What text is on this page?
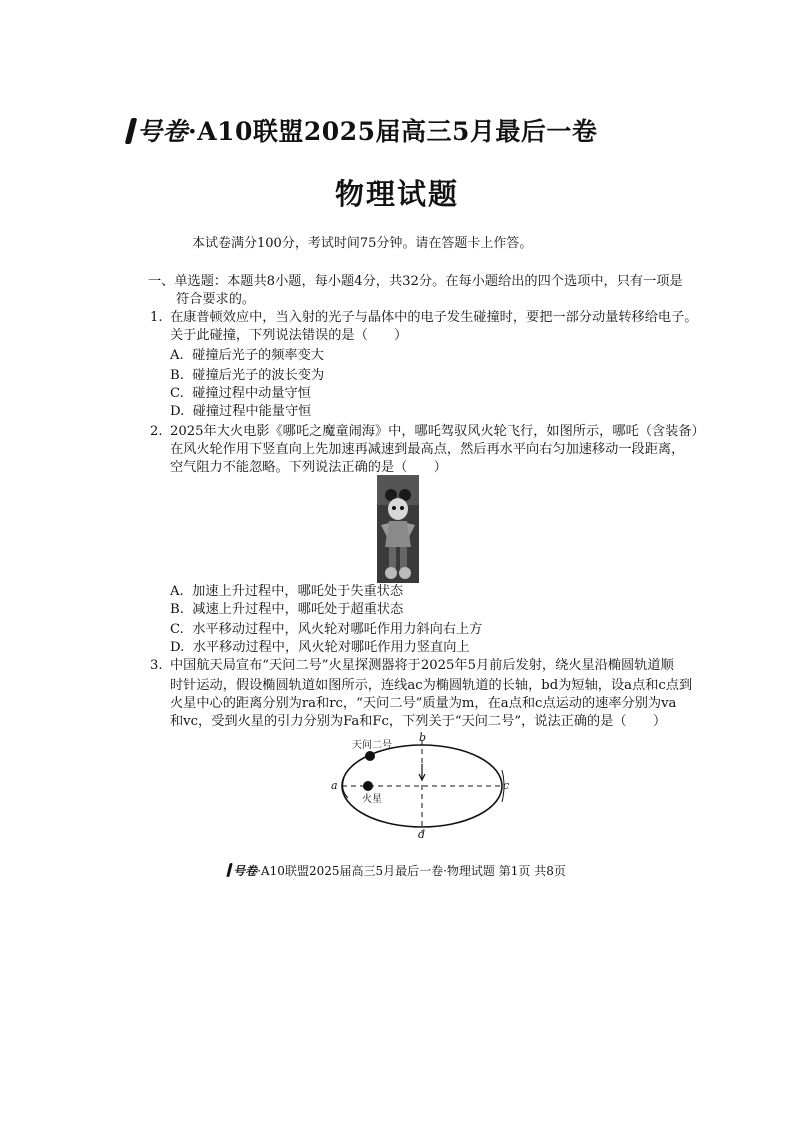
号卷·A10联盟2025届高三5月最后一卷
物理试题
本试卷满分100分，考试时间75分钟。请在答题卡上作答。
一、单选题：本题共8小题，每小题4分，共32分。在每小题给出的四个选项中，只有一项是
符合要求的。
1. 在康普顿效应中，当入射的光子与晶体中的电子发生碰撞时，要把一部分动量转移给电子。
关于此碰撞，下列说法错误的是（　　）
A. 碰撞后光子的频率变大
B. 碰撞后光子的波长变为
C. 碰撞过程中动量守恒
D. 碰撞过程中能量守恒
2. 2025年大火电影《哪吒之魔童闹海》中，哪吒驾驭风火轮飞行，如图所示，哪吒（含装备）
在风火轮作用下竖直向上先加速再减速到最高点，然后再水平向右匀加速移动一段距离，
空气阻力不能忽略。下列说法正确的是（　　）
A. 加速上升过程中，哪吒处于失重状态
B. 减速上升过程中，哪吒处于超重状态
C. 水平移动过程中，风火轮对哪吒作用力斜向右上方
D. 水平移动过程中，风火轮对哪吒作用力竖直向上
3. 中国航天局宣布“天问二号”火星探测器将于2025年5月前后发射，绕火星沿椭圆轨道顺
时针运动，假设椭圆轨道如图所示，连线ac为椭圆轨道的长轴，bd为短轴，设a点和c点到
火星中心的距离分别为ra和rc，“天问二号”质量为m，在a点和c点运动的速率分别为va
和vc，受到火星的引力分别为Fa和Fc，下列关于“天问二号”，说法正确的是（　　）
天问二号
火星
a
b
c
d
号卷·A10联盟2025届高三5月最后一卷·物理试题 第1页 共8页
